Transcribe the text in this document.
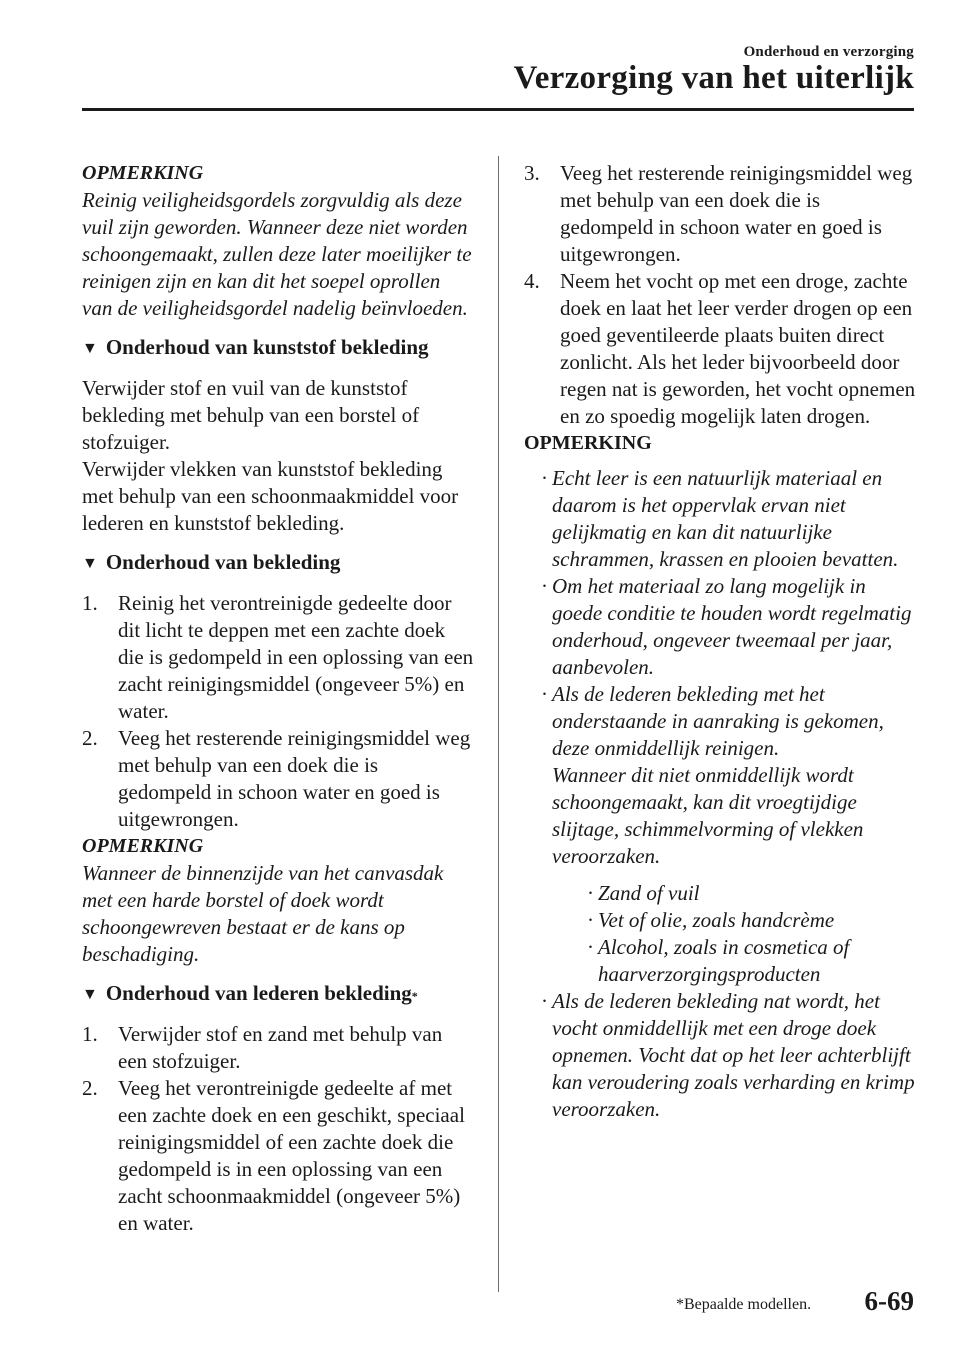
Onderhoud en verzorging
Verzorging van het uiterlijk
OPMERKING

Reinig veiligheidsgordels zorgvuldig als deze vuil zijn geworden. Wanneer deze niet worden schoongemaakt, zullen deze later moeilijker te reinigen zijn en kan dit het soepel oprollen van de veiligheidsgordel nadelig beïnvloeden.

▼ Onderhoud van kunststof bekleding

Verwijder stof en vuil van de kunststof bekleding met behulp van een borstel of stofzuiger.

Verwijder vlekken van kunststof bekleding met behulp van een schoonmaakmiddel voor lederen en kunststof bekleding.

▼ Onderhoud van bekleding
1. Reinig het verontreinigde gedeelte door dit licht te deppen met een zachte doek die is gedompeld in een oplossing van een zacht reinigingsmiddel (ongeveer 5%) en water.
2. Veeg het resterende reinigingsmiddel weg met behulp van een doek die is gedompeld in schoon water en goed is uitgewrongen.
OPMERKING

Wanneer de binnenzijde van het canvasdak met een harde borstel of doek wordt schoongewreven bestaat er de kans op beschadiging.

▼ Onderhoud van lederen bekleding *
1. Verwijder stof en zand met behulp van een stofzuiger.
2. Veeg het verontreinigde gedeelte af met een zachte doek en een geschikt, speciaal reinigingsmiddel of een zachte doek die gedompeld is in een oplossing van een zacht schoonmaakmiddel (ongeveer 5%) en water.
3. Veeg het resterende reinigingsmiddel weg met behulp van een doek die is gedompeld in schoon water en goed is uitgewrongen.
4. Neem het vocht op met een droge, zachte doek en laat het leer verder drogen op een goed geventileerde plaats buiten direct zonlicht. Als het leder bijvoorbeeld door regen nat is geworden, het vocht opnemen en zo spoedig mogelijk laten drogen.
OPMERKING
· Echt leer is een natuurlijk materiaal en daarom is het oppervlak ervan niet gelijkmatig en kan dit natuurlijke schrammen, krassen en plooien bevatten.
· Om het materiaal zo lang mogelijk in goede conditie te houden wordt regelmatig onderhoud, ongeveer tweemaal per jaar, aanbevolen.
· Als de lederen bekleding met het onderstaande in aanraking is gekomen, deze onmiddellijk reinigen.
Wanneer dit niet onmiddellijk wordt schoongemaakt, kan dit vroegtijdige slijtage, schimmelvorming of vlekken veroorzaken.
· Zand of vuil
· Vet of olie, zoals handcrème
· Alcohol, zoals in cosmetica of haarverzorgingsproducten
· Als de lederen bekleding nat wordt, het vocht onmiddellijk met een droge doek opnemen. Vocht dat op het leer achterblijft kan veroudering zoals verharding en krimp veroorzaken.
*Bepaalde modellen. 6-69
